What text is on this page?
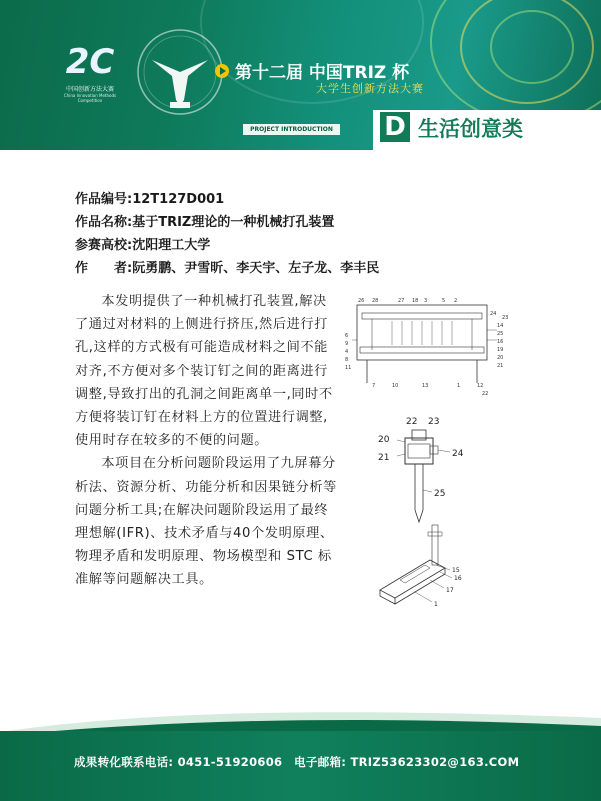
2C
中国创新方法大赛
China Innovation Methods Competition
第十二届 中国TRIZ 杯
大学生创新方法大赛
PROJECT INTRODUCTION D 生活创意类
作品编号:12T127D001
作品名称:基于TRIZ理论的一种机械打孔装置
参赛高校:沈阳理工大学
作　　者:阮勇鹏、尹雪昕、李天宇、左子龙、李丰民

本发明提供了一种机械打孔装置,解决了通过对材料的上侧进行挤压,然后进行打孔,这样的方式极有可能造成材料之间不能对齐,不方便对多个装订钉之间的距离进行调整,导致打出的孔洞之间距离单一,同时不方便将装订钉在材料上方的位置进行调整,使用时存在较多的不便的问题。

本项目在分析问题阶段运用了九屏幕分析法、资源分析、功能分析和因果链分析等问题分析工具;在解决问题阶段运用了最终理想解(IFR)、技术矛盾与40个发明原理、物理矛盾和发明原理、物场模型和 STC 标准解等问题解决工具。

26 28	27 18 3	5 2
6
9
4
8
11
7	10	13	1	12
14
25
16
19
20
21
22
24
23
22 23
20
21	24
25
15
16
17
1
成果转化联系电话: 0451-51920606　电子邮箱: TRIZ53623302@163.COM
